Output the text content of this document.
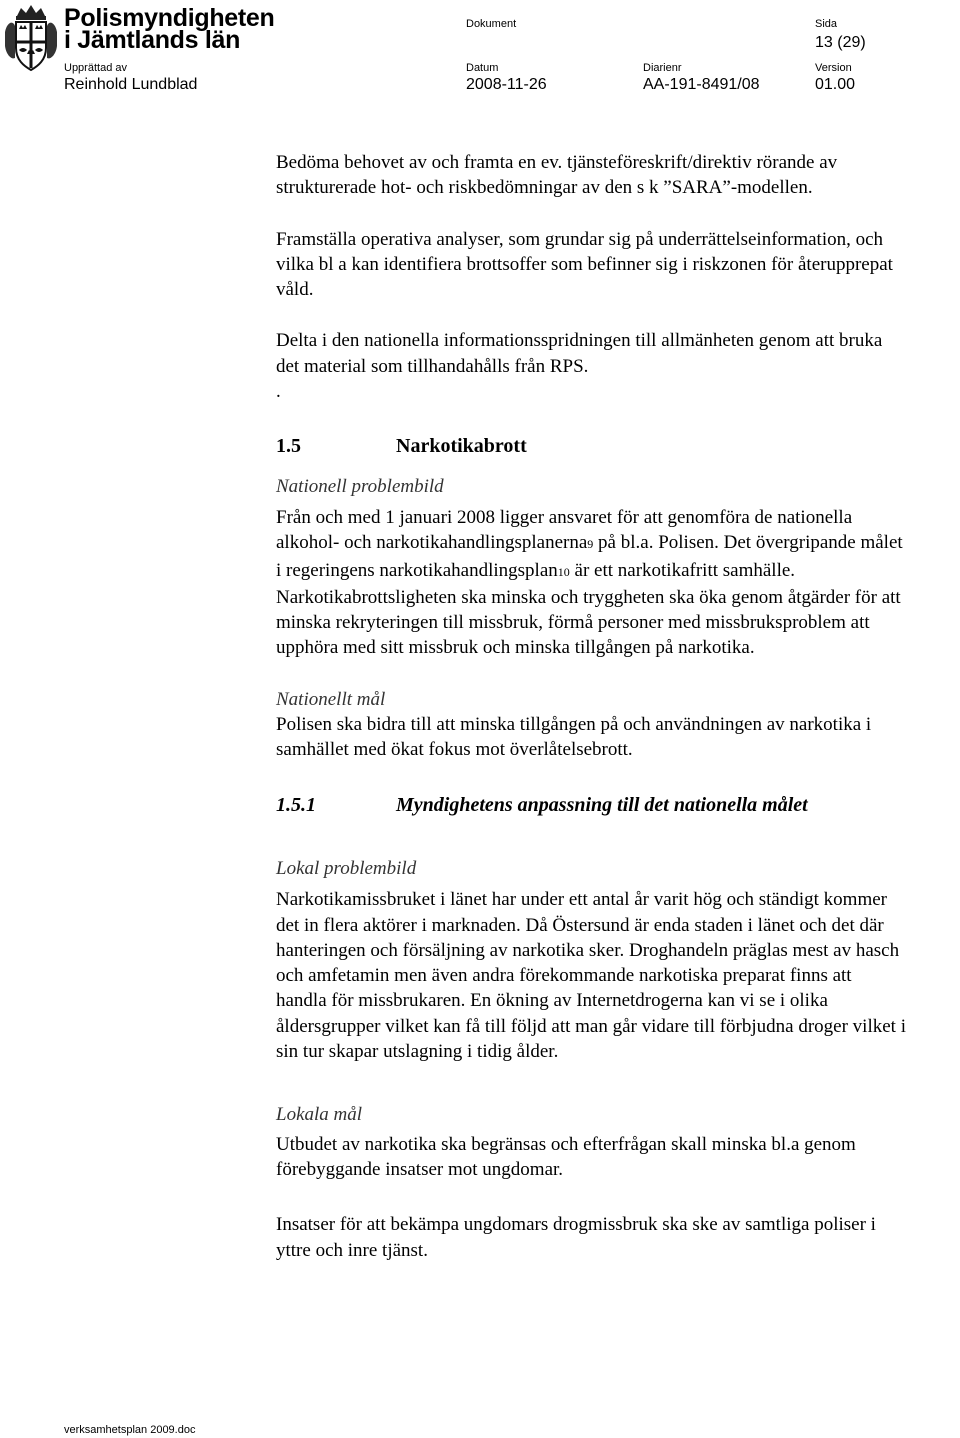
Polismyndigheten
i Jämtlands län
Dokument	Sida
13 (29)
Upprättad av	Datum	Diarienr	Version
Reinhold Lundblad	2008-11-26	AA-191-8491/08	01.00

Bedöma behovet av och framta en ev. tjänsteföreskrift/direktiv rörande av strukturerade hot- och riskbedömningar av den s k ”SARA”-modellen.

Framställa operativa analyser, som grundar sig på underrättelseinformation, och vilka bl a kan identifiera brottsoffer som befinner sig i riskzonen för återupprepat våld.

Delta i den nationella informationsspridningen till allmänheten genom att bruka det material som tillhandahålls från RPS.

.

1.5	Narkotikabrott

Nationell problembild

Från och med 1 januari 2008 ligger ansvaret för att genomföra de nationella alkohol- och narkotikahandlingsplanerna9 på bl.a. Polisen. Det övergripande målet i regeringens narkotikahandlingsplan10 är ett narkotikafritt samhälle.

Narkotikabrottsligheten ska minska och tryggheten ska öka genom åtgärder för att minska rekryteringen till missbruk, förmå personer med missbruksproblem att upphöra med sitt missbruk och minska tillgången på narkotika.

Nationellt mål

Polisen ska bidra till att minska tillgången på och användningen av narkotika i samhället med ökat fokus mot överlåtelsebrott.

1.5.1	Myndighetens anpassning till det nationella målet

Lokal problembild

Narkotikamissbruket i länet har under ett antal år varit hög och ständigt kommer det in flera aktörer i marknaden. Då Östersund är enda staden i länet och det där hanteringen och försäljning av narkotika sker. Droghandeln präglas mest av hasch och amfetamin men även andra förekommande narkotiska preparat finns att handla för missbrukaren. En ökning av Internetdrogerna kan vi se i olika åldersgrupper vilket kan få till följd att man går vidare till förbjudna droger vilket i sin tur skapar utslagning i tidig ålder.

Lokala mål

Utbudet av narkotika ska begränsas och efterfrågan skall minska bl.a genom förebyggande insatser mot ungdomar.

Insatser för att bekämpa ungdomars drogmissbruk ska ske av samtliga poliser i yttre och inre tjänst.

verksamhetsplan 2009.doc
